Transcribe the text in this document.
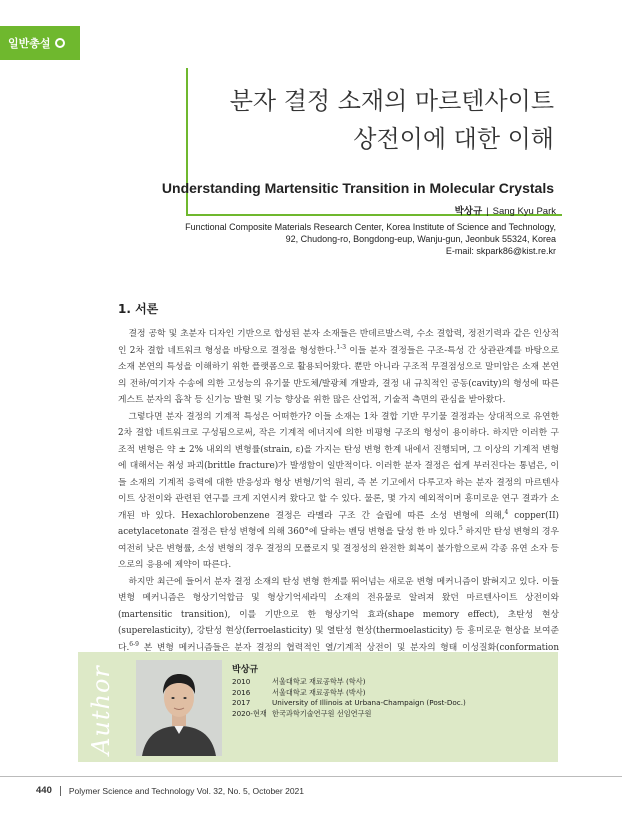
일반총설
분자 결정 소재의 마르텐사이트
상전이에 대한 이해
Understanding Martensitic Transition in Molecular Crystals
박상규 | Sang Kyu Park
Functional Composite Materials Research Center, Korea Institute of Science and Technology,
92, Chudong-ro, Bongdong-eup, Wanju-gun, Jeonbuk 55324, Korea
E-mail: skpark86@kist.re.kr
1. 서론

결정 공학 및 초분자 디자인 기반으로 합성된 분자 소재들은 반데르발스력, 수소 결합력, 정전기력과 같은 인상적인 2차 결합 네트워크 형성을 바탕으로 결정을 형성한다.$^{1-3}$ 이들 분자 결정들은 구조-특성 간 상관관계를 바탕으로 소재 본연의 특성을 이해하기 위한 플랫폼으로 활용되어왔다. 뿐만 아니라 구조적 무결점성으로 말미암은 소재 본연의 전하/여기자 수송에 의한 고성능의 유기물 반도체/발광체 개발과, 결정 내 규칙적인 공동(cavity)의 형성에 따른 게스트 분자의 흡착 등 신기능 발현 및 기능 향상을 위한 많은 산업적, 기술적 측면의 관심을 받아왔다.

그렇다면 분자 결정의 기계적 특성은 어떠한가? 이들 소재는 1차 결합 기반 무기물 결정과는 상대적으로 유연한 2차 결합 네트워크로 구성됨으로써, 작은 기계적 에너지에 의한 비평형 구조의 형성이 용이하다. 하지만 이러한 구조적 변형은 약 ± 2% 내외의 변형률(strain, ε)을 가지는 탄성 변형 한계 내에서 진행되며, 그 이상의 기계적 변형에 대해서는 취성 파괴(brittle fracture)가 발생함이 일반적이다. 이러한 분자 결정은 쉽게 부러진다는 통념은, 이들 소재의 기계적 응력에 대한 반응성과 형상 변형/기억 원리, 즉 본 기고에서 다루고자 하는 분자 결정의 마르텐사이트 상전이와 관련된 연구를 크게 지연시켜 왔다고 할 수 있다. 물론, 몇 가지 예외적이며 흥미로운 연구 결과가 소개된 바 있다. Hexachlorobenzene 결정은 라멜라 구조 간 슬립에 따른 소성 변형에 의해,$^4$ copper(II) acetylacetonate 결정은 탄성 변형에 의해 360°에 달하는 벤딩 변형을 달성 한 바 있다.$^5$ 하지만 탄성 변형의 경우 여전히 낮은 변형률, 소성 변형의 경우 결정의 모폴로지 및 결정성의 완전한 회복이 불가함으로써 각종 유연 소자 등으로의 응용에 제약이 따른다.

하지만 최근에 들어서 분자 결정 소재의 탄성 변형 한계를 뛰어넘는 새로운 변형 메커니즘이 밝혀지고 있다. 이들 변형 메커니즘은 형상기억합금 및 형상기억세라믹 소재의 전유물로 알려져 왔던 마르텐사이트 상전이와(martensitic transition), 이를 기반으로 한 형상기억 효과(shape memory effect), 초탄성 현상(superelasticity), 강탄성 현상(ferroelasticity) 및 열탄성 현상(thermoelasticity) 등 흥미로운 현상을 보여준다.$^{6-9}$ 본 변형 메커니즘들은 분자 결정의 협력적인 열/기계적 상전이 및 분자의 형태 이성질화(conformation

Author	박상규
2010	서울대학교 재료공학부 (학사)
2016	서울대학교 재료공학부 (박사)
2017	University of Illinois at Urbana-Champaign (Post-Doc.)
2020-현재 한국과학기술연구원 선임연구원
440 Polymer Science and Technology Vol. 32, No. 5, October 2021
